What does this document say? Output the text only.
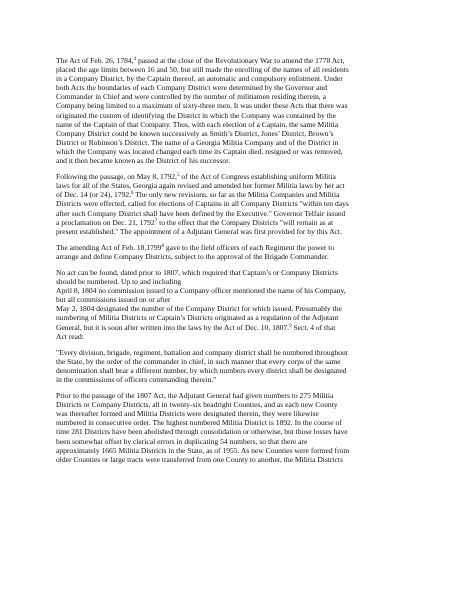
The Act of Feb. 26, 1784,$^4$ passed at the close of the Revolutionary War to amend the 1778 Act,
placed the age limits between 16 and 50, but still made the enrolling of the names of all residents
in a Company District, by the Captain thereof, an automatic and compulsory enlistment. Under
both Acts the boundaries of each Company District were determined by the Governor and
Commander in Chief and were controlled by the number of militiamen residing therein, a
Company being limited to a maximum of sixty-three men. It was under these Acts that there was
originated the custom of identifying the District in which the Company was contained by the
name of the Captain of that Company. Thus, with each election of a Captain, the same Militia
Company District could be known successively as Smith’s District, Jones’ District, Brown’s
District or Robinson’s District. The name of a Georgia Militia Company and of the District in
which the Company was located changed each time its Captain died, resigned or was removed,
and it then became known as the District of his successor.

Following the passage, on May 8, 1792,$^5$ of the Act of Congress establishing uniform Militia
laws for all of the States, Georgia again revised and amended her former Militia laws by her act
of Dec. 14 (or 24), 1792.$^6$ The only new revisions, so far as the Militia Companies and Militia
Districts were effected, called for elections of Captains in all Company Districts "within ten days
after such Company District shall have been defined by the Executive." Governor Telfair issued
a proclamation on Dec. 21, 1792$^7$ to the effect that the Company Districts "will remain as at
present established." The appointment of a Adjutant General was first provided for by this Act.

The amending Act of Feb. 18,1799$^8$ gave to the field officers of each Regiment the power to
arrange and define Company Districts, subject to the approval of the Brigade Commander.

No act can be found, dated prior to 1807, which required that Captain’s or Company Districts
should be numbered. Up to and including
April 8, 1804 no commission issued to a Company officer mentioned the name of his Company,
but all commissions issued on or after
May 2, 1804 designated the number of the Company District for which issued. Presumably the
numbering of Militia Districts or Captain’s Districts originated as a regulation of the Adjutant
General, but it is soon after written into the laws by the Act of Dec. 10, 1807.$^9$ Sect. 4 of that
Act read:

"Every division, brigade, regiment, battalion and company district shall be numbered throughout
the State, by the order of the commander in chief, in such manner that every corps of the same
denomination shall bear a different number, by which numbers every district shall be designated
in the commissions of officers commanding therein."

Prior to the passage of the 1807 Act, the Adjutant General had given numbers to 275 Militia
Districts or Company Districts, all in twenty-six headright Counties, and as each new County
was thereafter formed and Militia Districts were designated therein, they were likewise
numbered in consecutive order. The highest numbered Militia District is 1892. In the course of
time 281 Districts have been abolished through consolidation or otherwise, but those losses have
been somewhat offset by clerical errors in duplicating 54 numbers, so that there are
approximately 1665 Militia Districts in the State, as of 1955. As new Counties were formed from
older Counties or large tracts were transferred from one County to another, the Militia Districts
